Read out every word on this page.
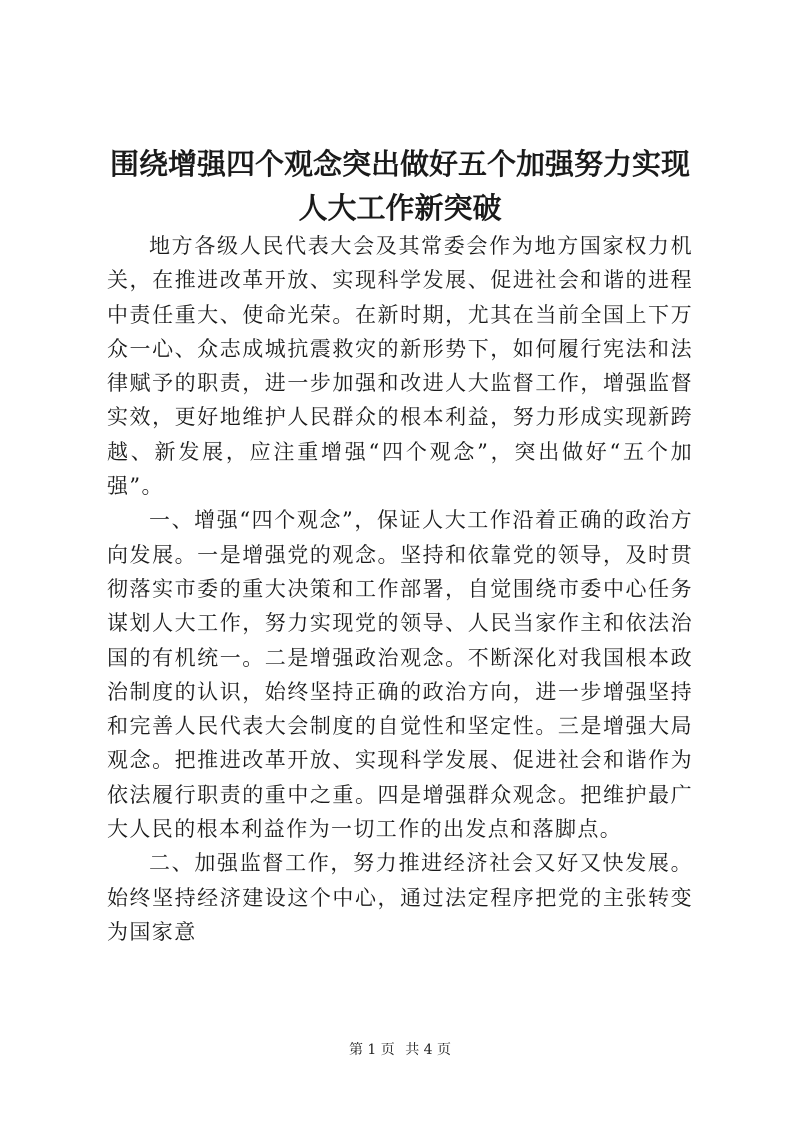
围绕增强四个观念突出做好五个加强努力实现
人大工作新突破

地方各级人民代表大会及其常委会作为地方国家权力机关，在推进改革开放、实现科学发展、促进社会和谐的进程中责任重大、使命光荣。在新时期，尤其在当前全国上下万众一心、众志成城抗震救灾的新形势下，如何履行宪法和法律赋予的职责，进一步加强和改进人大监督工作，增强监督实效，更好地维护人民群众的根本利益，努力形成实现新跨越、新发展，应注重增强“四个观念”，突出做好“五个加强”。

一、增强“四个观念”，保证人大工作沿着正确的政治方向发展。一是增强党的观念。坚持和依靠党的领导，及时贯彻落实市委的重大决策和工作部署，自觉围绕市委中心任务谋划人大工作，努力实现党的领导、人民当家作主和依法治国的有机统一。二是增强政治观念。不断深化对我国根本政治制度的认识，始终坚持正确的政治方向，进一步增强坚持和完善人民代表大会制度的自觉性和坚定性。三是增强大局观念。把推进改革开放、实现科学发展、促进社会和谐作为依法履行职责的重中之重。四是增强群众观念。把维护最广大人民的根本利益作为一切工作的出发点和落脚点。

二、加强监督工作，努力推进经济社会又好又快发展。始终坚持经济建设这个中心，通过法定程序把党的主张转变为国家意

第 1 页 共 4 页
